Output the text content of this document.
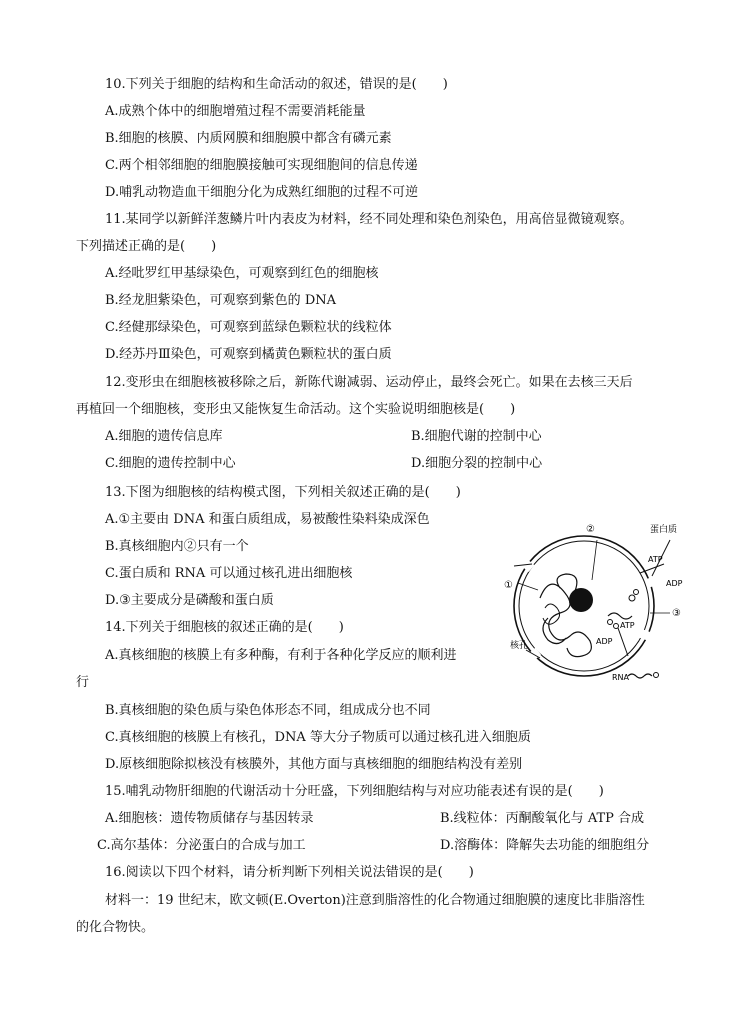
10.下列关于细胞的结构和生命活动的叙述，错误的是(　　)
A.成熟个体中的细胞增殖过程不需要消耗能量
B.细胞的核膜、内质网膜和细胞膜中都含有磷元素
C.两个相邻细胞的细胞膜接触可实现细胞间的信息传递
D.哺乳动物造血干细胞分化为成熟红细胞的过程不可逆
11.某同学以新鲜洋葱鳞片叶内表皮为材料，经不同处理和染色剂染色，用高倍显微镜观察。
下列描述正确的是(　　)
A.经吡罗红甲基绿染色，可观察到红色的细胞核
B.经龙胆紫染色，可观察到紫色的 DNA
C.经健那绿染色，可观察到蓝绿色颗粒状的线粒体
D.经苏丹Ⅲ染色，可观察到橘黄色颗粒状的蛋白质
12.变形虫在细胞核被移除之后，新陈代谢减弱、运动停止，最终会死亡。如果在去核三天后
再植回一个细胞核，变形虫又能恢复生命活动。这个实验说明细胞核是(　　)
A.细胞的遗传信息库	B.细胞代谢的控制中心
C.细胞的遗传控制中心	D.细胞分裂的控制中心
13.下图为细胞核的结构模式图，下列相关叙述正确的是(　　)
A.①主要由 DNA 和蛋白质组成，易被酸性染料染成深色
B.真核细胞内②只有一个
C.蛋白质和 RNA 可以通过核孔进出细胞核
D.③主要成分是磷酸和蛋白质
②	蛋白质
ATP
ADP
①
③
ATP
ADP
核孔
RNA
14.下列关于细胞核的叙述正确的是(　　)
A.真核细胞的核膜上有多种酶，有利于各种化学反应的顺利进
行
B.真核细胞的染色质与染色体形态不同，组成成分也不同
C.真核细胞的核膜上有核孔，DNA 等大分子物质可以通过核孔进入细胞质
D.原核细胞除拟核没有核膜外，其他方面与真核细胞的细胞结构没有差别
15.哺乳动物肝细胞的代谢活动十分旺盛，下列细胞结构与对应功能表述有误的是(　　)
A.细胞核：遗传物质储存与基因转录	B.线粒体：丙酮酸氧化与 ATP 合成
C.高尔基体：分泌蛋白的合成与加工	D.溶酶体：降解失去功能的细胞组分
16.阅读以下四个材料，请分析判断下列相关说法错误的是(　　)
材料一：19 世纪末，欧文顿(E.Overton)注意到脂溶性的化合物通过细胞膜的速度比非脂溶性
的化合物快。
